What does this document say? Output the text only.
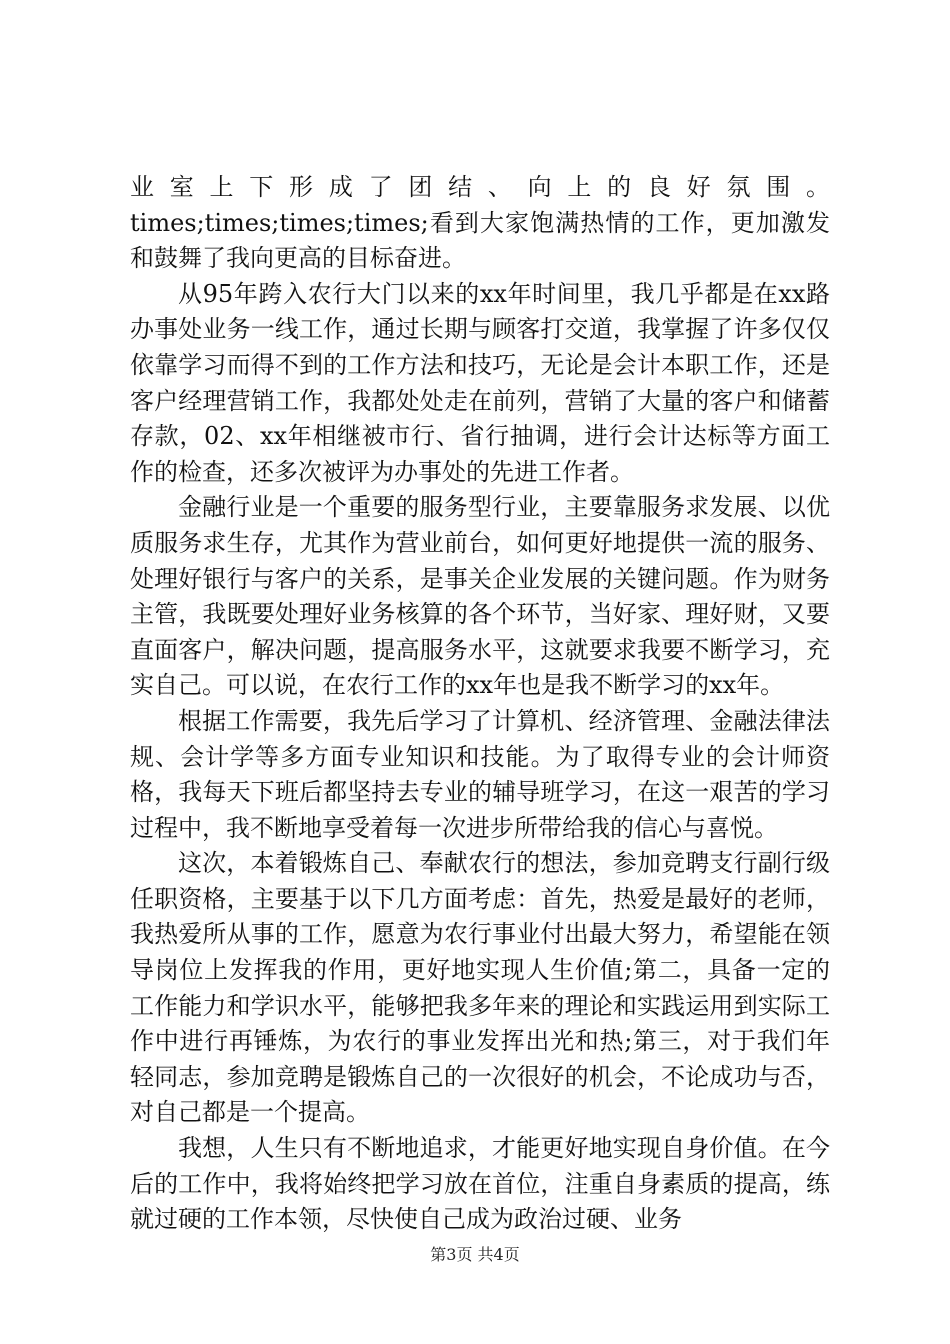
业室上下形成了团结、向上的良好氛围。

times;times;times;times;看到大家饱满热情的工作，更加激发和鼓舞了我向更高的目标奋进。

从95年跨入农行大门以来的xx年时间里，我几乎都是在xx路办事处业务一线工作，通过长期与顾客打交道，我掌握了许多仅仅依靠学习而得不到的工作方法和技巧，无论是会计本职工作，还是客户经理营销工作，我都处处走在前列，营销了大量的客户和储蓄存款，02、xx年相继被市行、省行抽调，进行会计达标等方面工作的检查，还多次被评为办事处的先进工作者。

金融行业是一个重要的服务型行业，主要靠服务求发展、以优质服务求生存，尤其作为营业前台，如何更好地提供一流的服务、处理好银行与客户的关系，是事关企业发展的关键问题。作为财务主管，我既要处理好业务核算的各个环节，当好家、理好财，又要直面客户，解决问题，提高服务水平，这就要求我要不断学习，充实自己。可以说，在农行工作的xx年也是我不断学习的xx年。

根据工作需要，我先后学习了计算机、经济管理、金融法律法规、会计学等多方面专业知识和技能。为了取得专业的会计师资格，我每天下班后都坚持去专业的辅导班学习，在这一艰苦的学习过程中，我不断地享受着每一次进步所带给我的信心与喜悦。

这次，本着锻炼自己、奉献农行的想法，参加竞聘支行副行级任职资格，主要基于以下几方面考虑：首先，热爱是最好的老师，我热爱所从事的工作，愿意为农行事业付出最大努力，希望能在领导岗位上发挥我的作用，更好地实现人生价值;第二，具备一定的工作能力和学识水平，能够把我多年来的理论和实践运用到实际工作中进行再锤炼，为农行的事业发挥出光和热;第三，对于我们年轻同志，参加竞聘是锻炼自己的一次很好的机会，不论成功与否，对自己都是一个提高。

我想，人生只有不断地追求，才能更好地实现自身价值。在今后的工作中，我将始终把学习放在首位，注重自身素质的提高，练就过硬的工作本领，尽快使自己成为政治过硬、业务

第3页 共4页
